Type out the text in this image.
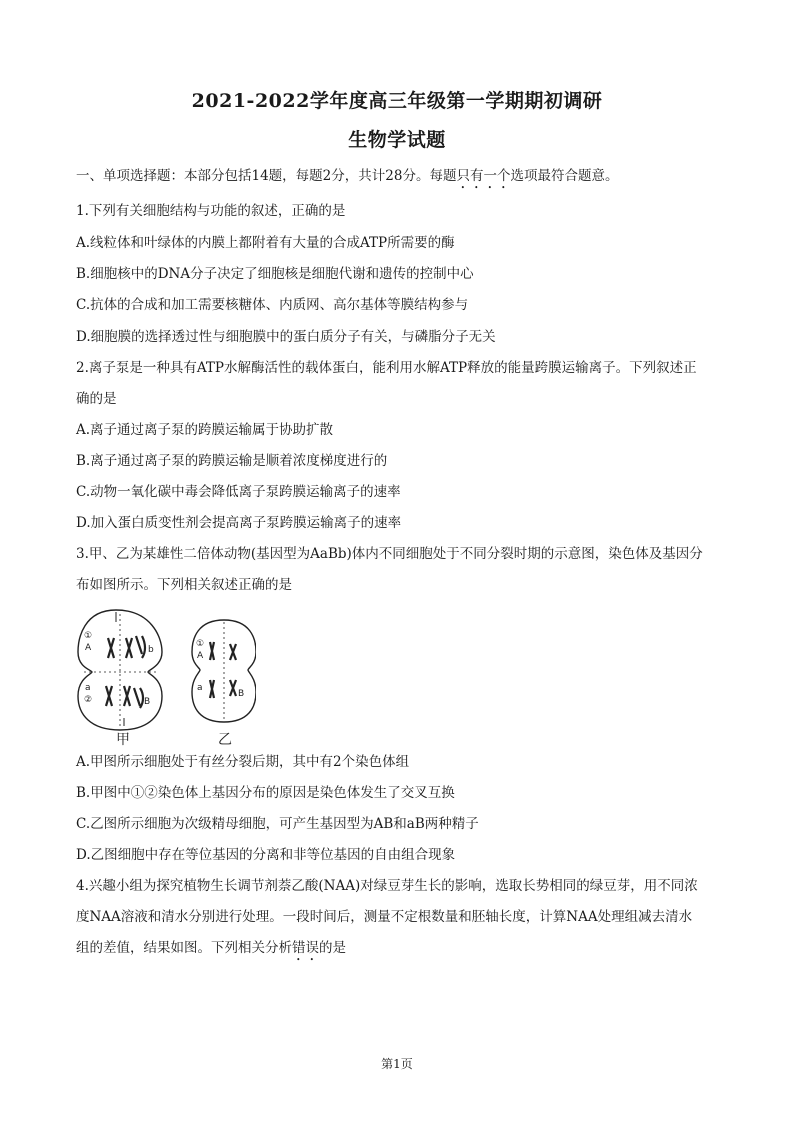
2021-2022学年度高三年级第一学期期初调研
生物学试题
一、单项选择题：本部分包括14题，每题2分，共计28分。每题只有一个选项最符合题意。
1.下列有关细胞结构与功能的叙述，正确的是
A.线粒体和叶绿体的内膜上都附着有大量的合成ATP所需要的酶
B.细胞核中的DNA分子决定了细胞核是细胞代谢和遗传的控制中心
C.抗体的合成和加工需要核糖体、内质网、高尔基体等膜结构参与
D.细胞膜的选择透过性与细胞膜中的蛋白质分子有关，与磷脂分子无关
2.离子泵是一种具有ATP水解酶活性的载体蛋白，能利用水解ATP释放的能量跨膜运输离子。下列叙述正
确的是
A.离子通过离子泵的跨膜运输属于协助扩散
B.离子通过离子泵的跨膜运输是顺着浓度梯度进行的
C.动物一氧化碳中毒会降低离子泵跨膜运输离子的速率
D.加入蛋白质变性剂会提高离子泵跨膜运输离子的速率
3.甲、乙为某雄性二倍体动物(基因型为AaBb)体内不同细胞处于不同分裂时期的示意图，染色体及基因分
布如图所示。下列相关叙述正确的是
①
A	b
a
②	B
①
A
a
B
甲	乙
A.甲图所示细胞处于有丝分裂后期，其中有2个染色体组
B.甲图中①②染色体上基因分布的原因是染色体发生了交叉互换
C.乙图所示细胞为次级精母细胞，可产生基因型为AB和aB两种精子
D.乙图细胞中存在等位基因的分离和非等位基因的自由组合现象
4.兴趣小组为探究植物生长调节剂萘乙酸(NAA)对绿豆芽生长的影响，选取长势相同的绿豆芽，用不同浓
度NAA溶液和清水分别进行处理。一段时间后，测量不定根数量和胚轴长度，计算NAA处理组减去清水
组的差值，结果如图。下列相关分析错误的是
第1页
